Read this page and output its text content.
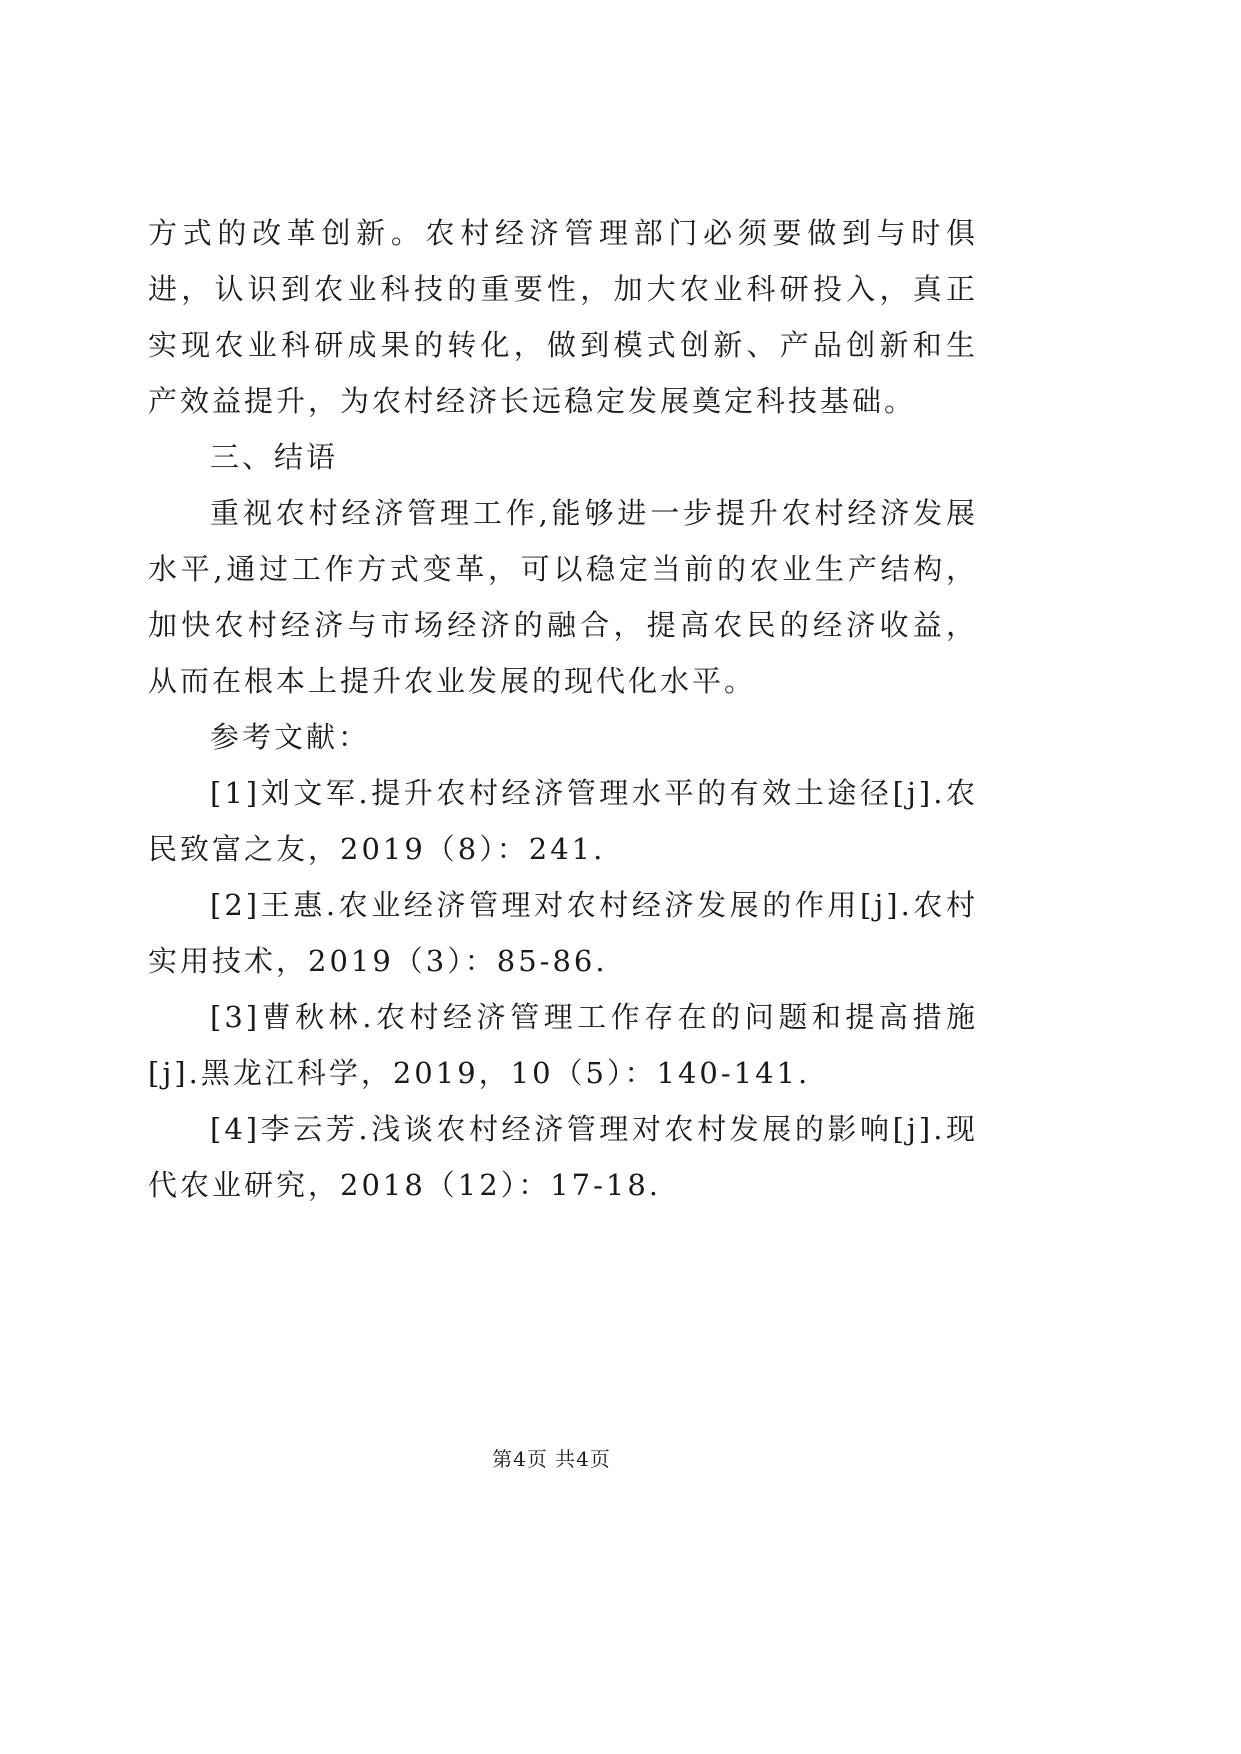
方式的改革创新。农村经济管理部门必须要做到与时俱进，认识到农业科技的重要性，加大农业科研投入，真正实现农业科研成果的转化，做到模式创新、产品创新和生产效益提升，为农村经济长远稳定发展奠定科技基础。

三、结语

重视农村经济管理工作,能够进一步提升农村经济发展水平,通过工作方式变革，可以稳定当前的农业生产结构，加快农村经济与市场经济的融合，提高农民的经济收益，从而在根本上提升农业发展的现代化水平。

参考文献：

[1]刘文军.提升农村经济管理水平的有效土途径[j].农民致富之友，2019（8）：241.

[2]王惠.农业经济管理对农村经济发展的作用[j].农村实用技术，2019（3）：85-86.

[3]曹秋林.农村经济管理工作存在的问题和提高措施[j].黑龙江科学，2019，10（5）：140-141.

[4]李云芳.浅谈农村经济管理对农村发展的影响[j].现代农业研究，2018（12）：17-18.

第4页 共4页
